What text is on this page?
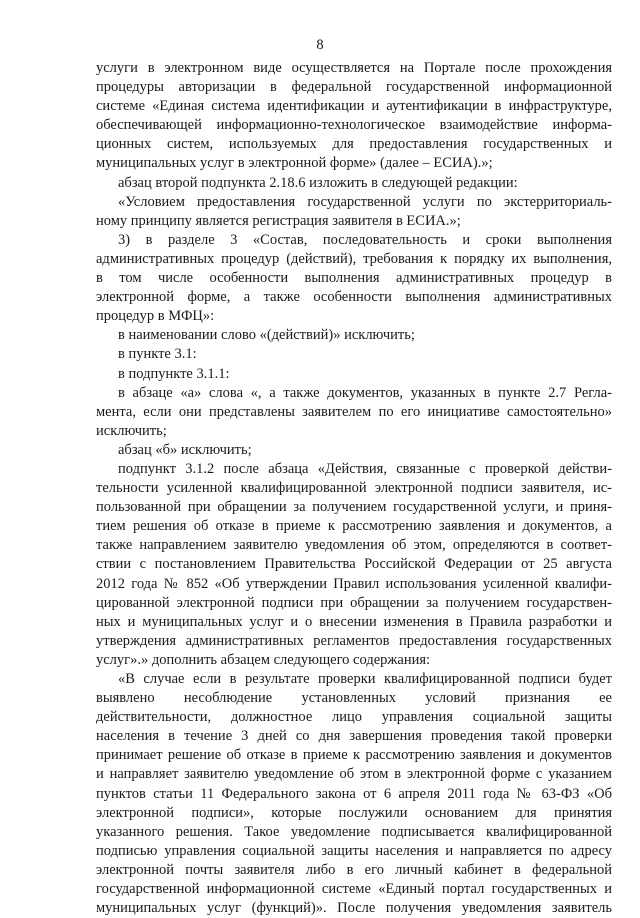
8
услуги в электронном виде осуществляется на Портале после прохождения
процедуры авторизации в федеральной государственной информационной
системе «Единая система идентификации и аутентификации в инфраструктуре,
обеспечивающей информационно-технологическое взаимодействие информа-
ционных систем, используемых для предоставления государственных и
муниципальных услуг в электронной форме» (далее – ЕСИА).»;
абзац второй подпункта 2.18.6 изложить в следующей редакции:
«Условием предоставления государственной услуги по экстерриториаль-
ному принципу является регистрация заявителя в ЕСИА.»;
3) в разделе 3 «Состав, последовательность и сроки выполнения
административных процедур (действий), требования к порядку их выполнения,
в том числе особенности выполнения административных процедур в
электронной форме, а также особенности выполнения административных
процедур в МФЦ»:
в наименовании слово «(действий)» исключить;
в пункте 3.1:
в подпункте 3.1.1:
в абзаце «а» слова «, а также документов, указанных в пункте 2.7 Регла-
мента, если они представлены заявителем по его инициативе самостоятельно»
исключить;
абзац «б» исключить;
подпункт 3.1.2 после абзаца «Действия, связанные с проверкой действи-
тельности усиленной квалифицированной электронной подписи заявителя, ис-
пользованной при обращении за получением государственной услуги, и приня-
тием решения об отказе в приеме к рассмотрению заявления и документов, а
также направлением заявителю уведомления об этом, определяются в соответ-
ствии с постановлением Правительства Российской Федерации от 25 августа
2012 года № 852 «Об утверждении Правил использования усиленной квалифи-
цированной электронной подписи при обращении за получением государствен-
ных и муниципальных услуг и о внесении изменения в Правила разработки и
утверждения административных регламентов предоставления государственных
услуг».» дополнить абзацем следующего содержания:
«В случае если в результате проверки квалифицированной подписи будет
выявлено несоблюдение установленных условий признания ее
действительности, должностное лицо управления социальной защиты
населения в течение 3 дней со дня завершения проведения такой проверки
принимает решение об отказе в приеме к рассмотрению заявления и документов
и направляет заявителю уведомление об этом в электронной форме с указанием
пунктов статьи 11 Федерального закона от 6 апреля 2011 года № 63-ФЗ «Об
электронной подписи», которые послужили основанием для принятия
указанного решения. Такое уведомление подписывается квалифицированной
подписью управления социальной защиты населения и направляется по адресу
электронной почты заявителя либо в его личный кабинет в федеральной
государственной информационной системе «Единый портал государственных и
муниципальных услуг (функций)». После получения уведомления заявитель
